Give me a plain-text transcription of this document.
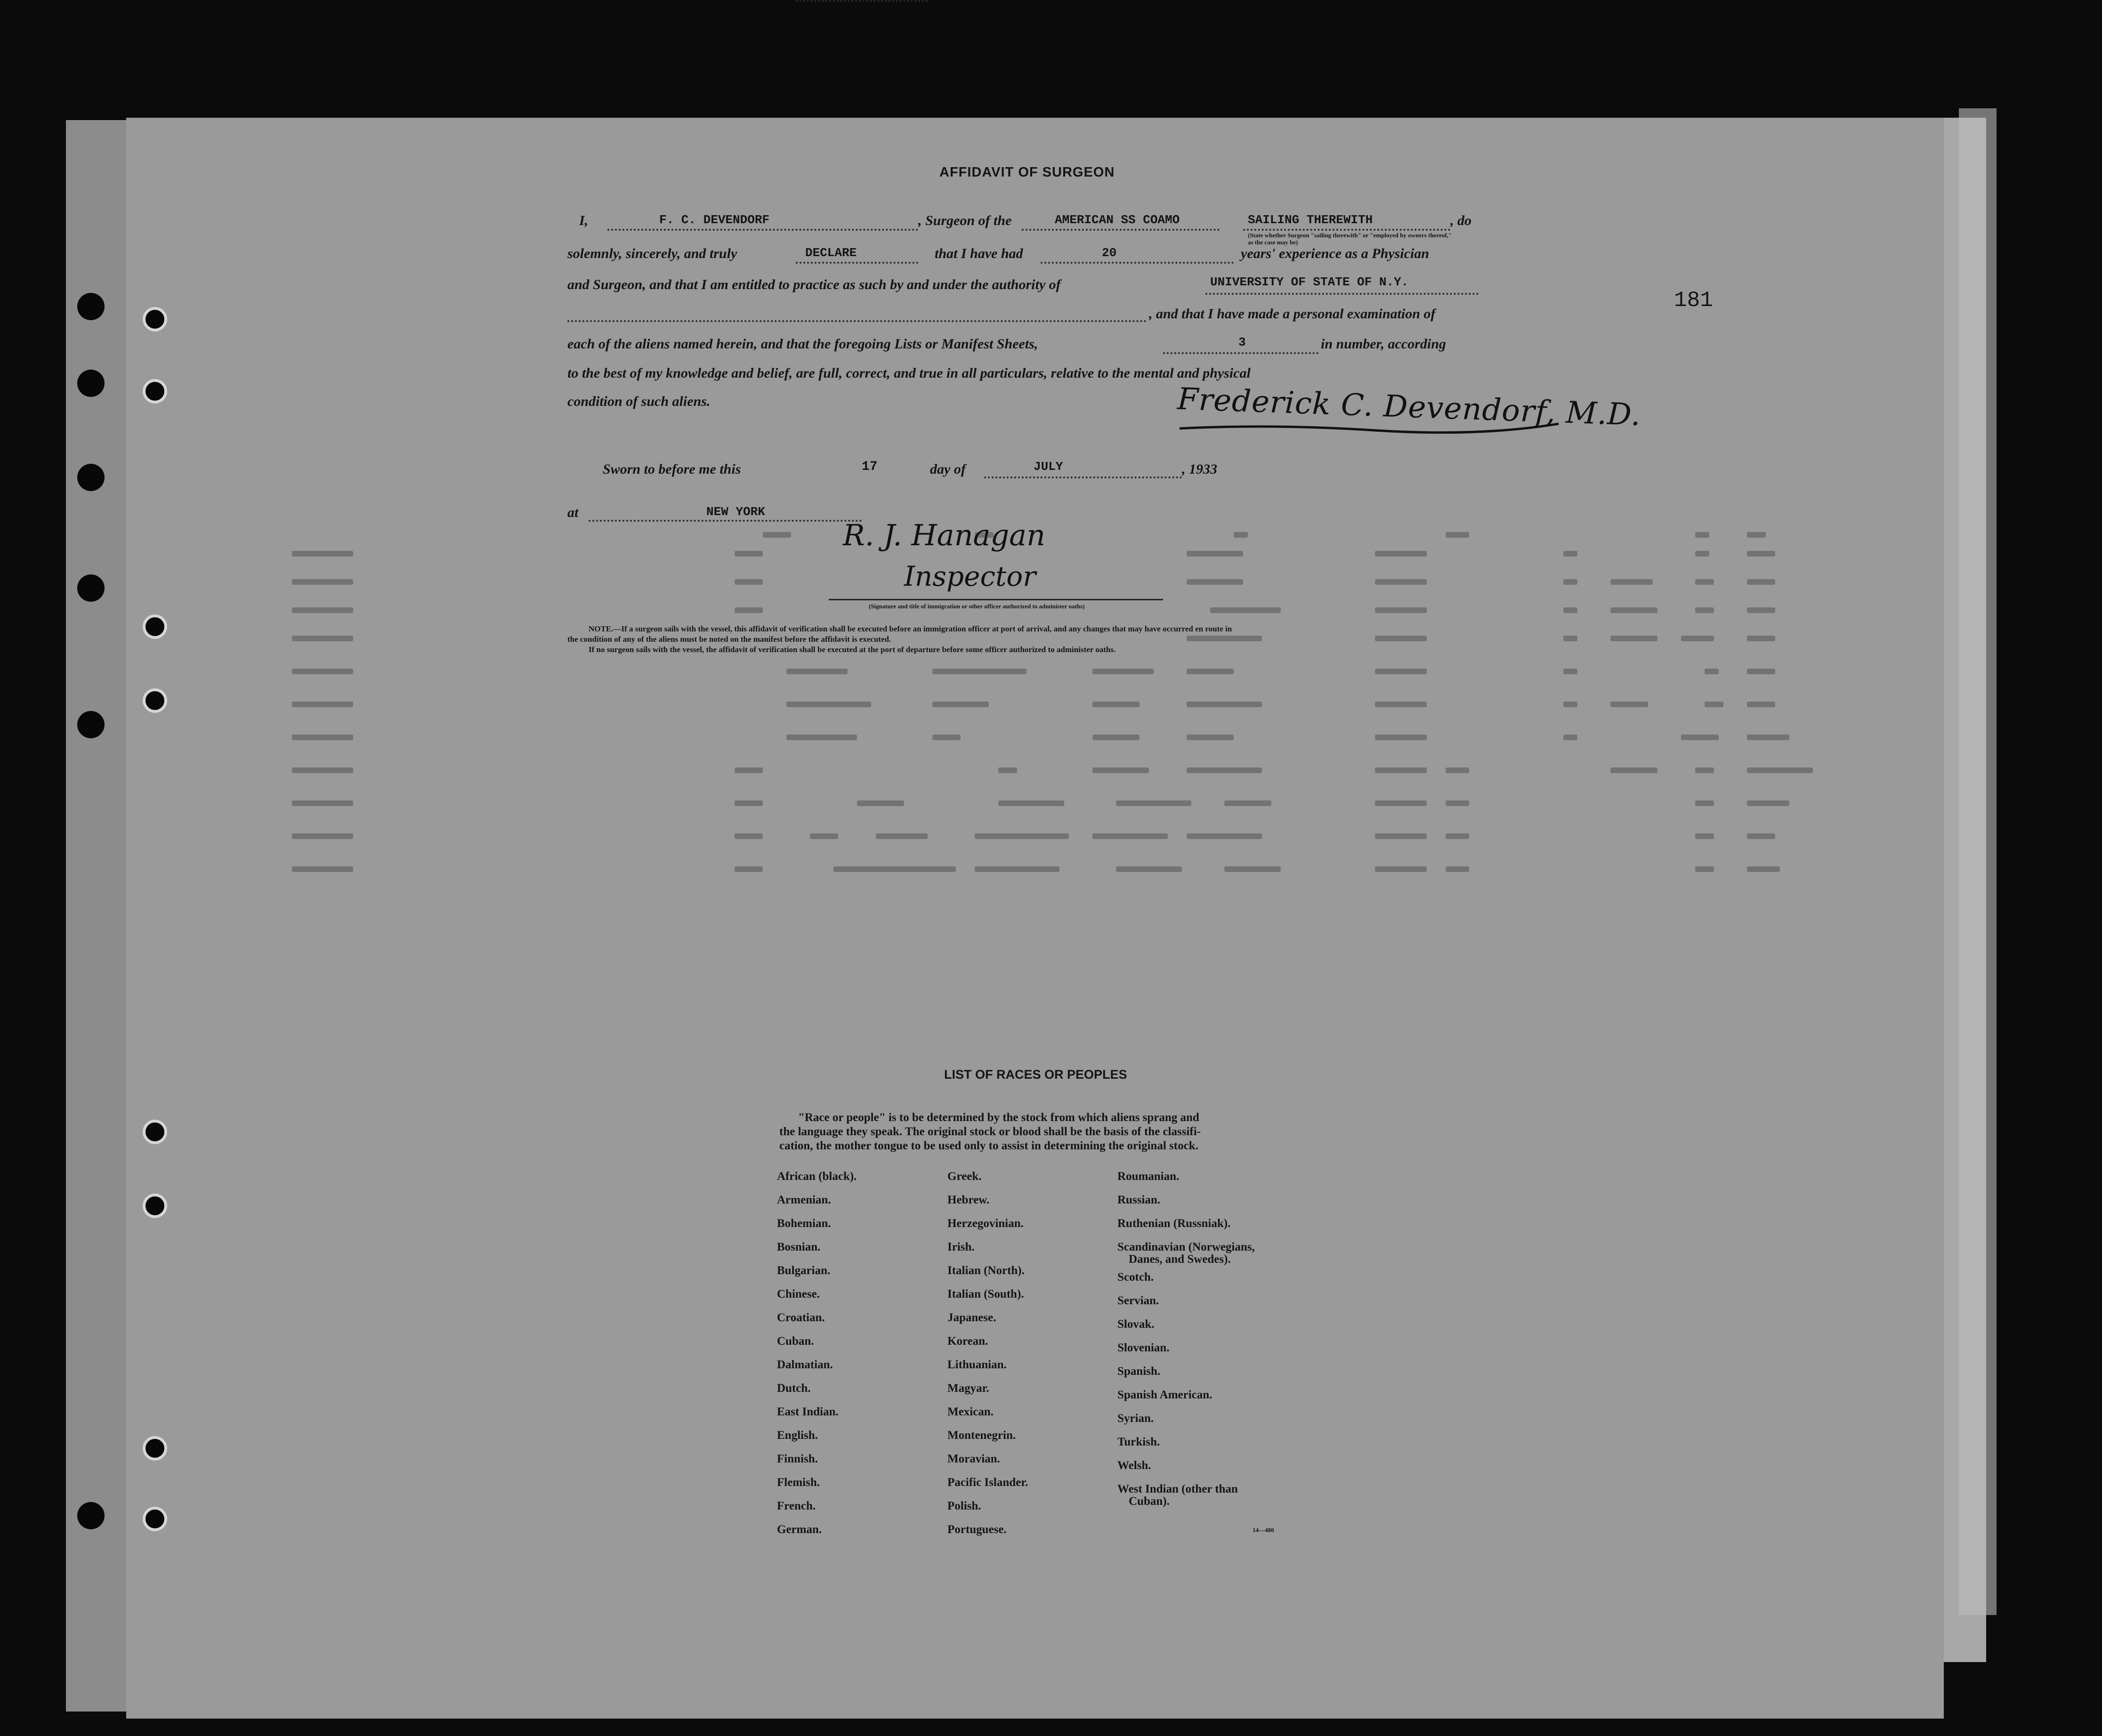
181
AFFIDAVIT OF SURGEON
I,	F. C. DEVENDORF	, Surgeon of the	AMERICAN SS COAMO	SAILING THEREWITH	, do
(State whether Surgeon "sailing therewith" or "employed by owners thereof," as the case may be)
solemnly, sincerely, and truly	DECLARE	that I have had	20	years' experience as a Physician
and Surgeon, and that I am entitled to practice as such by and under the authority of	UNIVERSITY OF STATE OF N.Y.
, and that I have made a personal examination of
each of the aliens named herein, and that the foregoing Lists or Manifest Sheets,	3	in number, according
to the best of my knowledge and belief, are full, correct, and true in all particulars, relative to the mental and physical
condition of such aliens.	Frederick C. Devendorf, M.D.
Sworn to before me this	17	day of	JULY	, 1933
at	NEW YORK
R. J. Hanagan
Inspector
(Signature and title of immigration or other officer authorized to administer oaths)
NOTE.—If a surgeon sails with the vessel, this affidavit of verification shall be executed before an immigration officer at port of arrival, and any changes that may have occurred en route in
the condition of any of the aliens must be noted on the manifest before the affidavit is executed.
If no surgeon sails with the vessel, the affidavit of verification shall be executed at the port of departure before some officer authorized to administer oaths.
LIST OF RACES OR PEOPLES
"Race or people" is to be determined by the stock from which aliens sprang and
the language they speak. The original stock or blood shall be the basis of the classifi-
cation, the mother tongue to be used only to assist in determining the original stock.
African (black).
Armenian.
Bohemian.
Bosnian.
Bulgarian.
Chinese.
Croatian.
Cuban.
Dalmatian.
Dutch.
East Indian.
English.
Finnish.
Flemish.
French.
German.
Greek.
Hebrew.
Herzegovinian.
Irish.
Italian (North).
Italian (South).
Japanese.
Korean.
Lithuanian.
Magyar.
Mexican.
Montenegrin.
Moravian.
Pacific Islander.
Polish.
Portuguese.
Roumanian.
Russian.
Ruthenian (Russniak).
Scandinavian (Norwegians,
Danes, and Swedes).
Scotch.
Servian.
Slovak.
Slovenian.
Spanish.
Spanish American.
Syrian.
Turkish.
Welsh.
West Indian (other than
Cuban).
14—480
